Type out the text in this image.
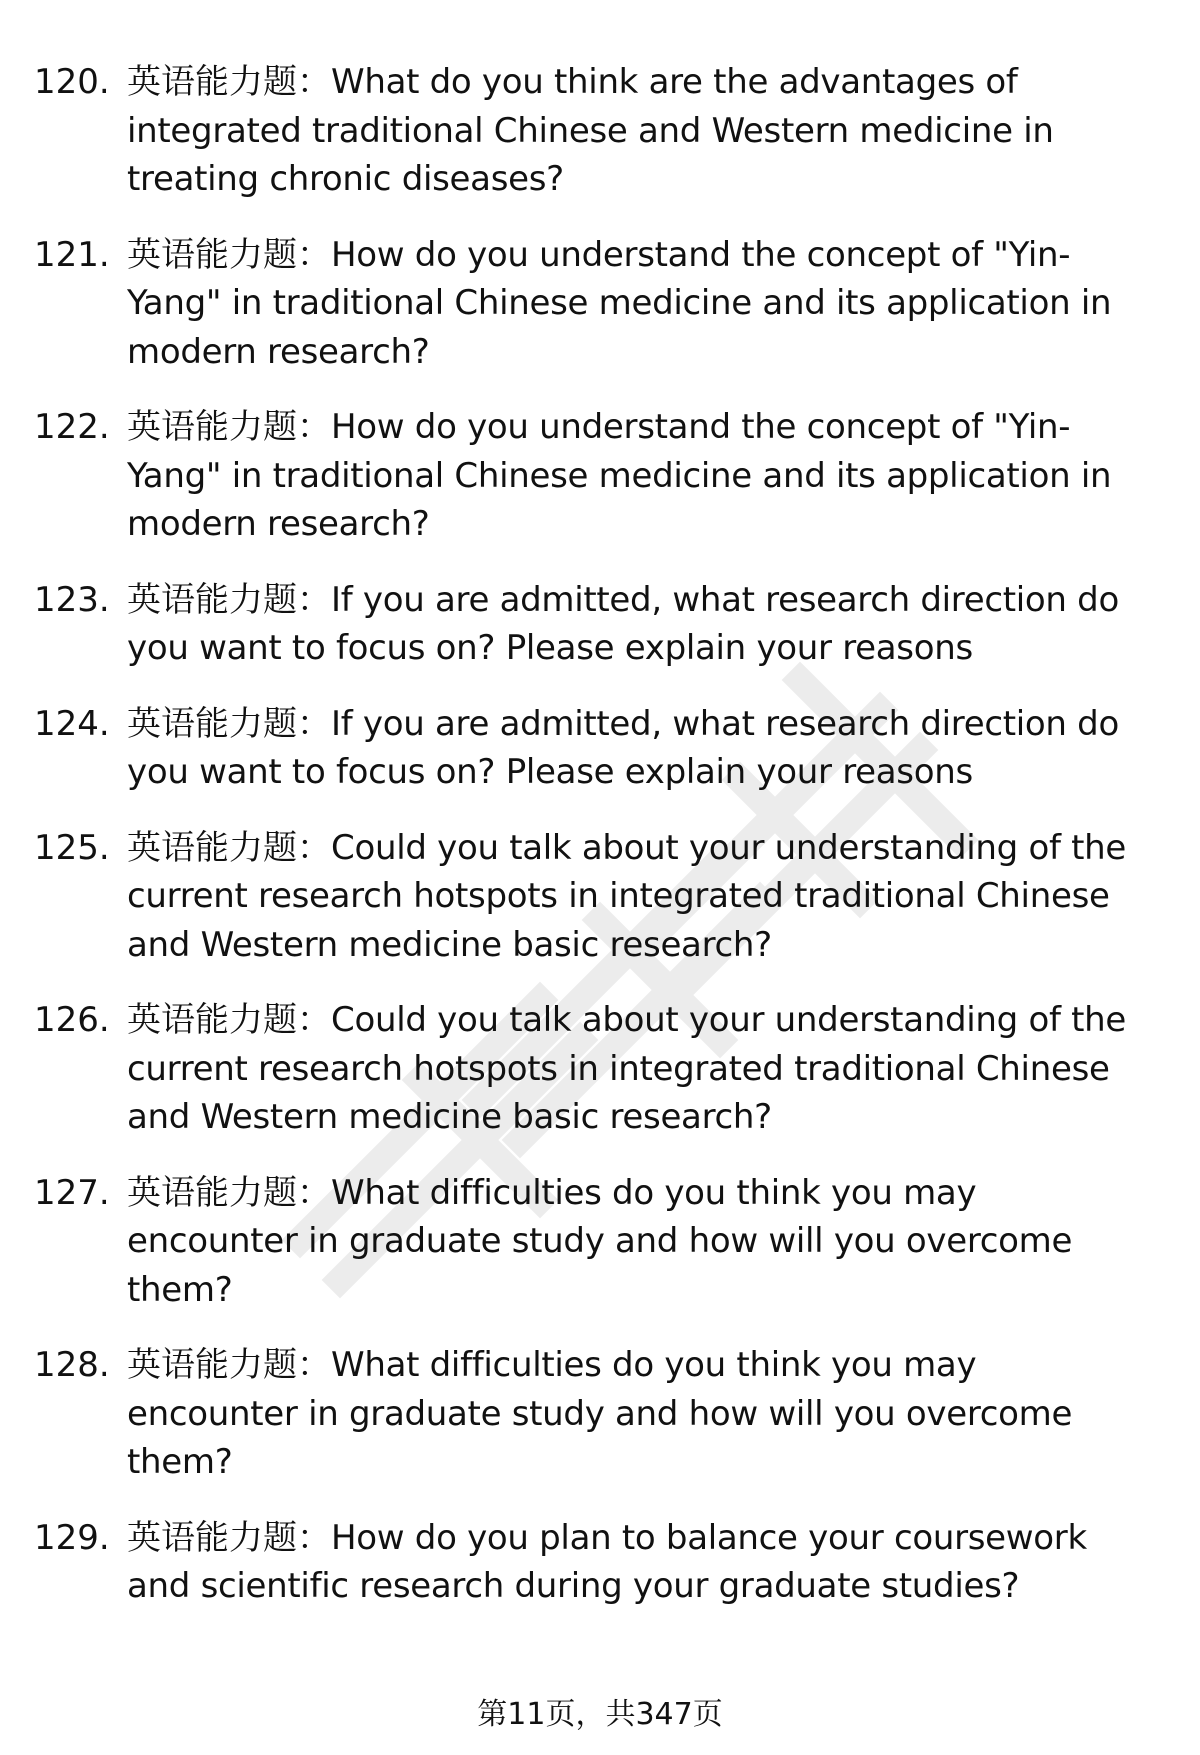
120. 英语能力题：What do you think are the advantages of integrated traditional Chinese and Western medicine in treating chronic diseases?
121. 英语能力题：How do you understand the concept of "Yin-Yang" in traditional Chinese medicine and its application in modern research?
122. 英语能力题：How do you understand the concept of "Yin-Yang" in traditional Chinese medicine and its application in modern research?
123. 英语能力题：If you are admitted, what research direction do you want to focus on? Please explain your reasons
124. 英语能力题：If you are admitted, what research direction do you want to focus on? Please explain your reasons
125. 英语能力题：Could you talk about your understanding of the current research hotspots in integrated traditional Chinese and Western medicine basic research?
126. 英语能力题：Could you talk about your understanding of the current research hotspots in integrated traditional Chinese and Western medicine basic research?
127. 英语能力题：What difficulties do you think you may encounter in graduate study and how will you overcome them?
128. 英语能力题：What difficulties do you think you may encounter in graduate study and how will you overcome them?
129. 英语能力题：How do you plan to balance your coursework and scientific research during your graduate studies?
第11页，共347页
